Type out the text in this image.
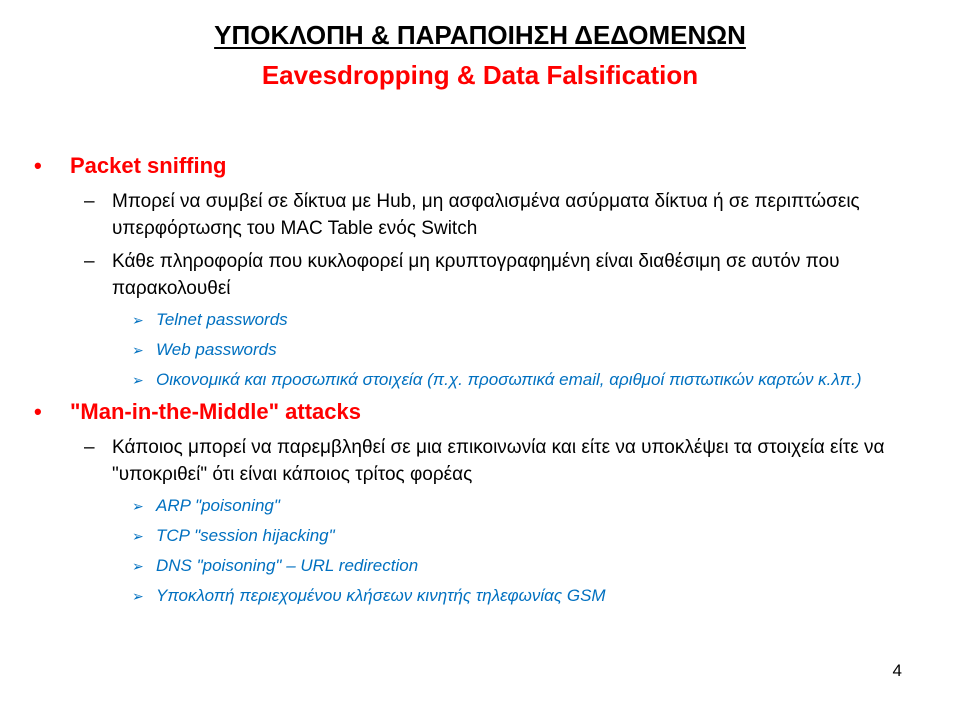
ΥΠΟΚΛΟΠΗ & ΠΑΡΑΠΟΙΗΣΗ ΔΕΔΟΜΕΝΩΝ
Eavesdropping & Data Falsification
• Packet sniffing
– Μπορεί να συμβεί σε δίκτυα με Hub, μη ασφαλισμένα ασύρματα δίκτυα ή σε περιπτώσεις υπερφόρτωσης του MAC Table ενός Switch
– Κάθε πληροφορία που κυκλοφορεί μη κρυπτογραφημένη είναι διαθέσιμη σε αυτόν που παρακολουθεί
➢ Telnet passwords
➢ Web passwords
➢ Οικονομικά και προσωπικά στοιχεία (π.χ. προσωπικά email, αριθμοί πιστωτικών καρτών κ.λπ.)
• "Man-in-the-Middle" attacks
– Κάποιος μπορεί να παρεμβληθεί σε μια επικοινωνία και είτε να υποκλέψει τα στοιχεία είτε να "υποκριθεί" ότι είναι κάποιος τρίτος φορέας
➢ ARP "poisoning"
➢ TCP "session hijacking"
➢ DNS "poisoning" – URL redirection
➢ Υποκλοπή περιεχομένου κλήσεων κινητής τηλεφωνίας GSM
4
